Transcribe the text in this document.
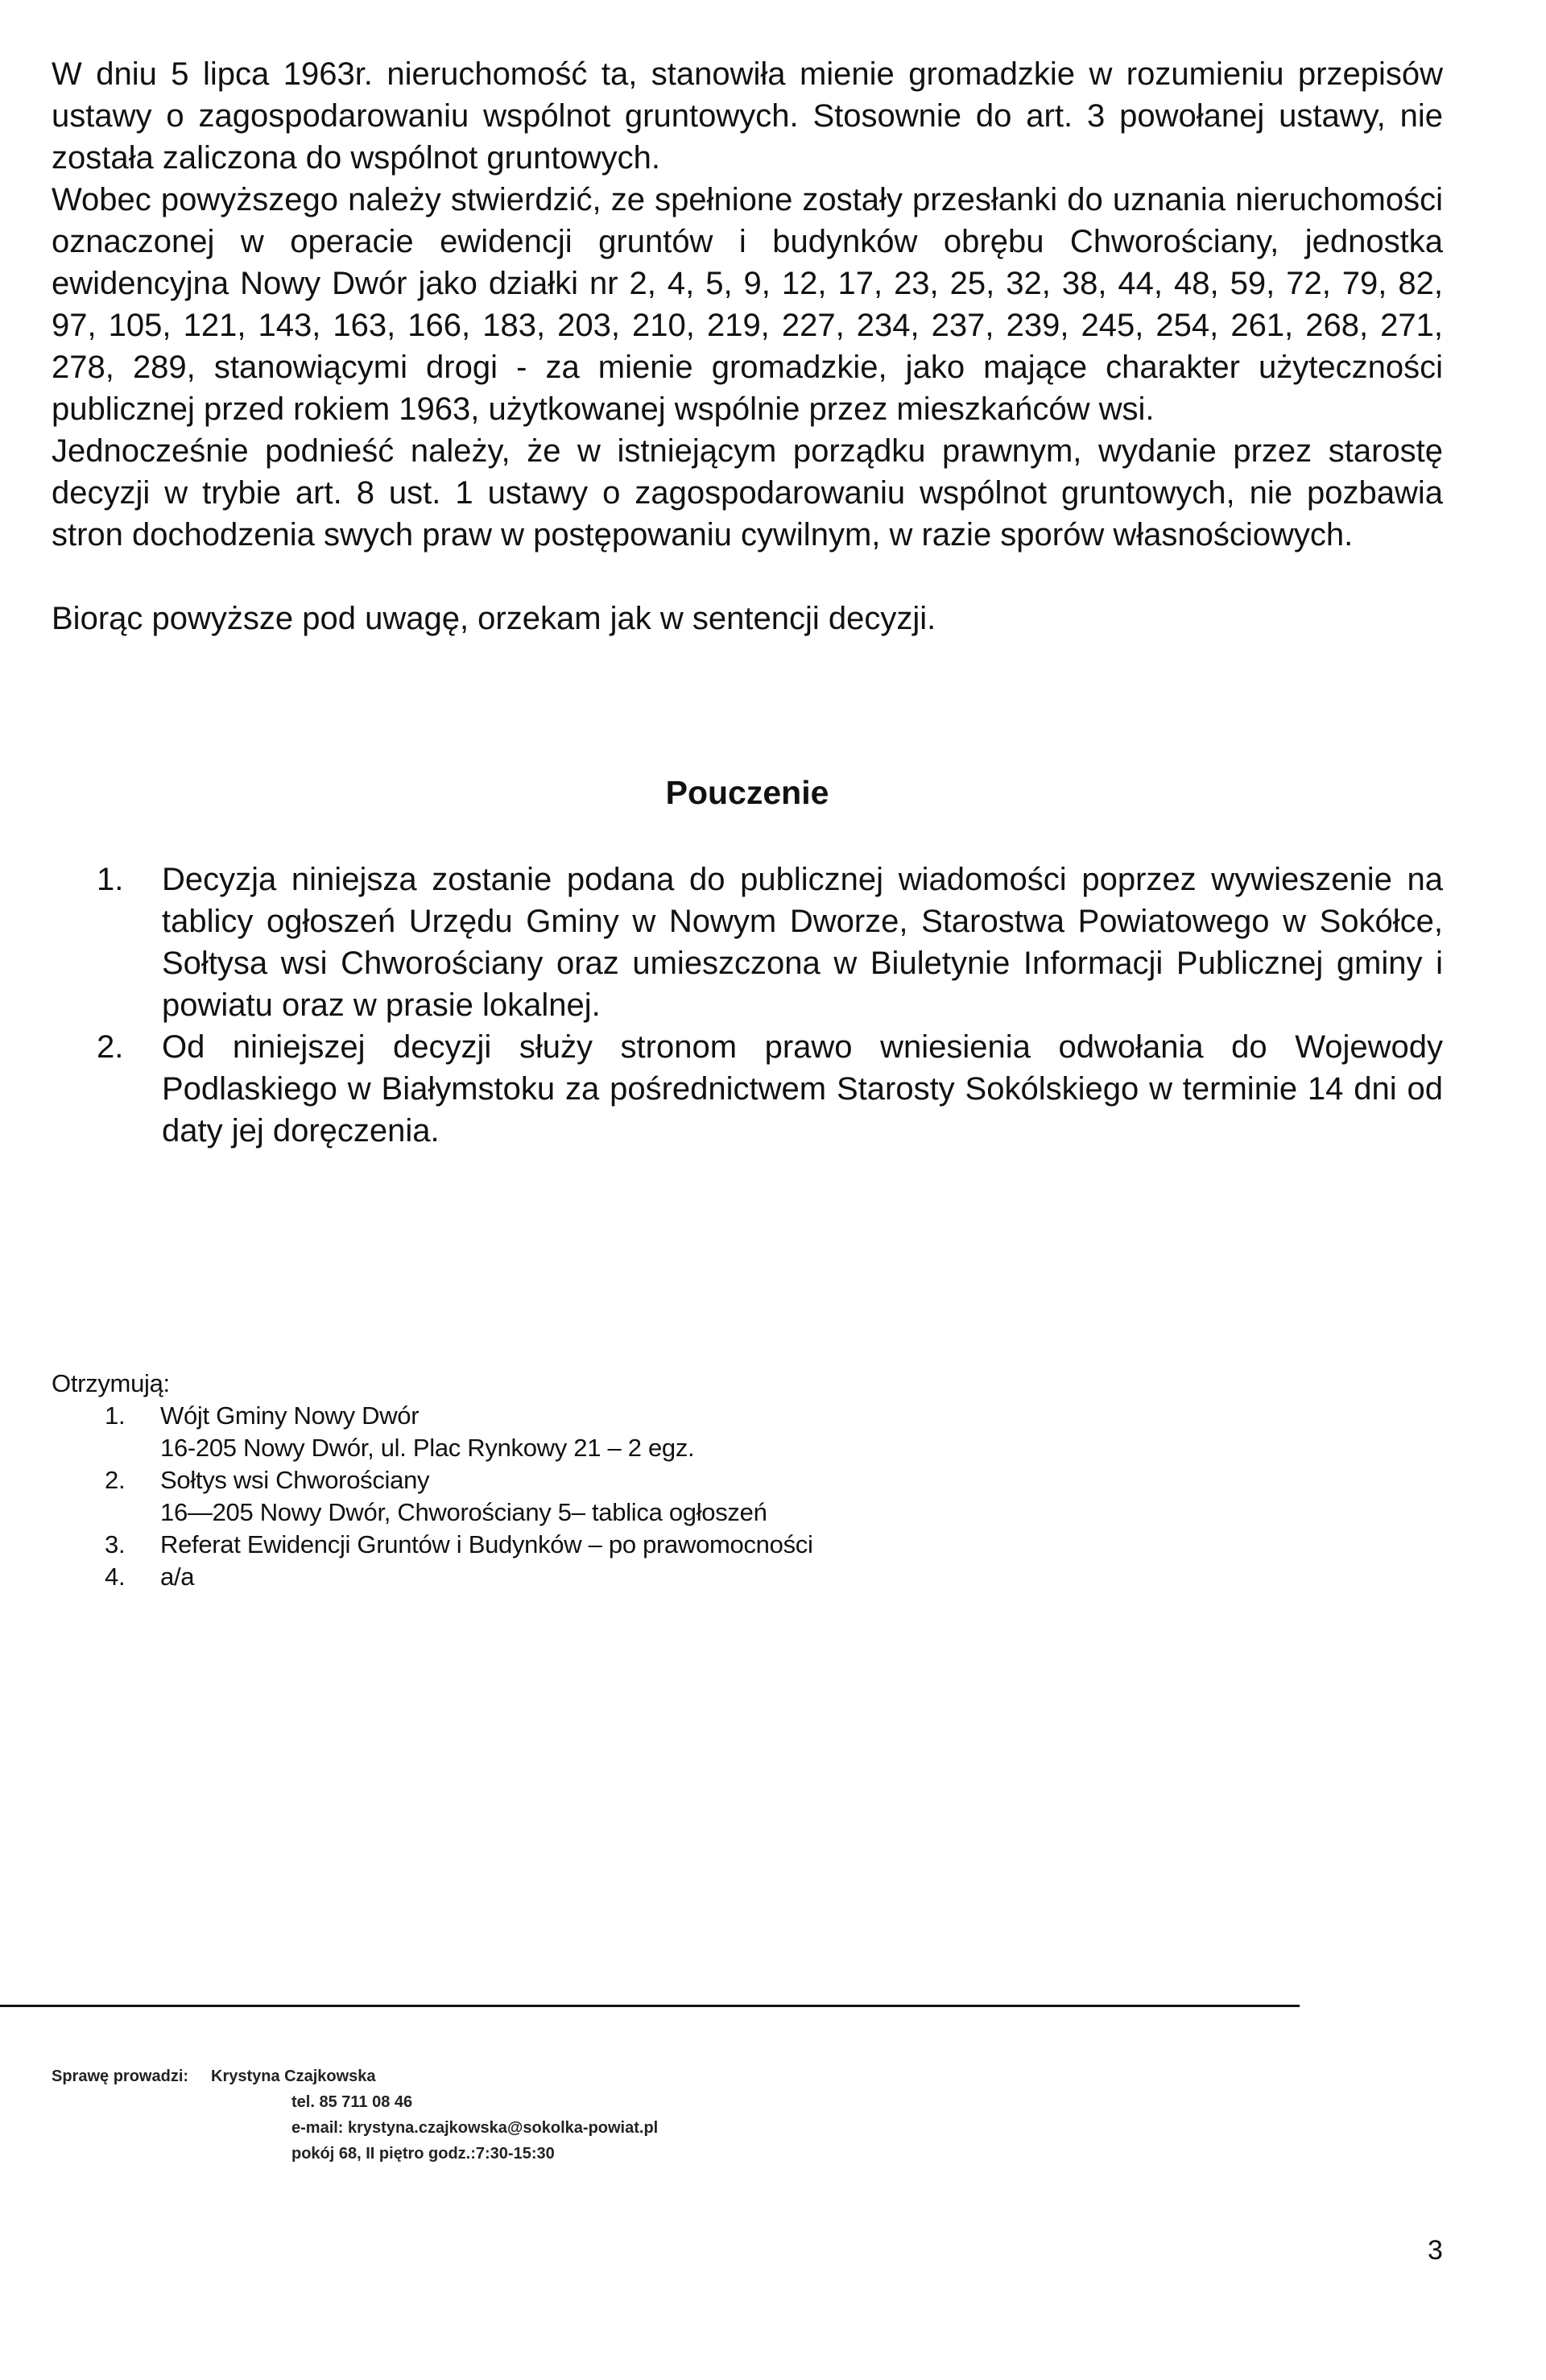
W dniu 5 lipca 1963r. nieruchomość ta, stanowiła mienie gromadzkie w rozumieniu przepisów ustawy o zagospodarowaniu wspólnot gruntowych. Stosownie do art. 3 powołanej ustawy, nie została zaliczona do wspólnot gruntowych.

Wobec powyższego należy stwierdzić, ze spełnione zostały przesłanki do uznania nieruchomości oznaczonej w operacie ewidencji gruntów i budynków obrębu Chworościany, jednostka ewidencyjna Nowy Dwór jako działki nr 2, 4, 5, 9, 12, 17, 23, 25, 32, 38, 44, 48, 59, 72, 79, 82, 97, 105, 121, 143, 163, 166, 183, 203, 210, 219, 227, 234, 237, 239, 245, 254, 261, 268, 271, 278, 289, stanowiącymi drogi - za mienie gromadzkie, jako mające charakter użyteczności publicznej przed rokiem 1963, użytkowanej wspólnie przez mieszkańców wsi.

Jednocześnie podnieść należy, że w istniejącym porządku prawnym, wydanie przez starostę decyzji w trybie art. 8 ust. 1 ustawy o zagospodarowaniu wspólnot gruntowych, nie pozbawia stron dochodzenia swych praw w postępowaniu cywilnym, w razie sporów własnościowych.

Biorąc powyższe pod uwagę, orzekam jak w sentencji decyzji.

Pouczenie
1. Decyzja niniejsza zostanie podana do publicznej wiadomości poprzez wywieszenie na tablicy ogłoszeń Urzędu Gminy w Nowym Dworze, Starostwa Powiatowego w Sokółce, Sołtysa wsi Chworościany oraz umieszczona w Biuletynie Informacji Publicznej gminy i powiatu oraz w prasie lokalnej.
2. Od niniejszej decyzji służy stronom prawo wniesienia odwołania do Wojewody Podlaskiego w Białymstoku za pośrednictwem Starosty Sokólskiego w terminie 14 dni od daty jej doręczenia.

Otrzymują:

1. Wójt Gminy Nowy Dwór
16-205 Nowy Dwór, ul. Plac Rynkowy 21 – 2 egz.
2. Sołtys wsi Chworościany
16—205 Nowy Dwór, Chworościany 5– tablica ogłoszeń
3. Referat Ewidencji Gruntów i Budynków – po prawomocności
4. a/a
Sprawę prowadzi:	Krystyna Czajkowska
tel. 85 711 08 46
e-mail: krystyna.czajkowska@sokolka-powiat.pl
pokój 68, II piętro godz.:7:30-15:30
3
